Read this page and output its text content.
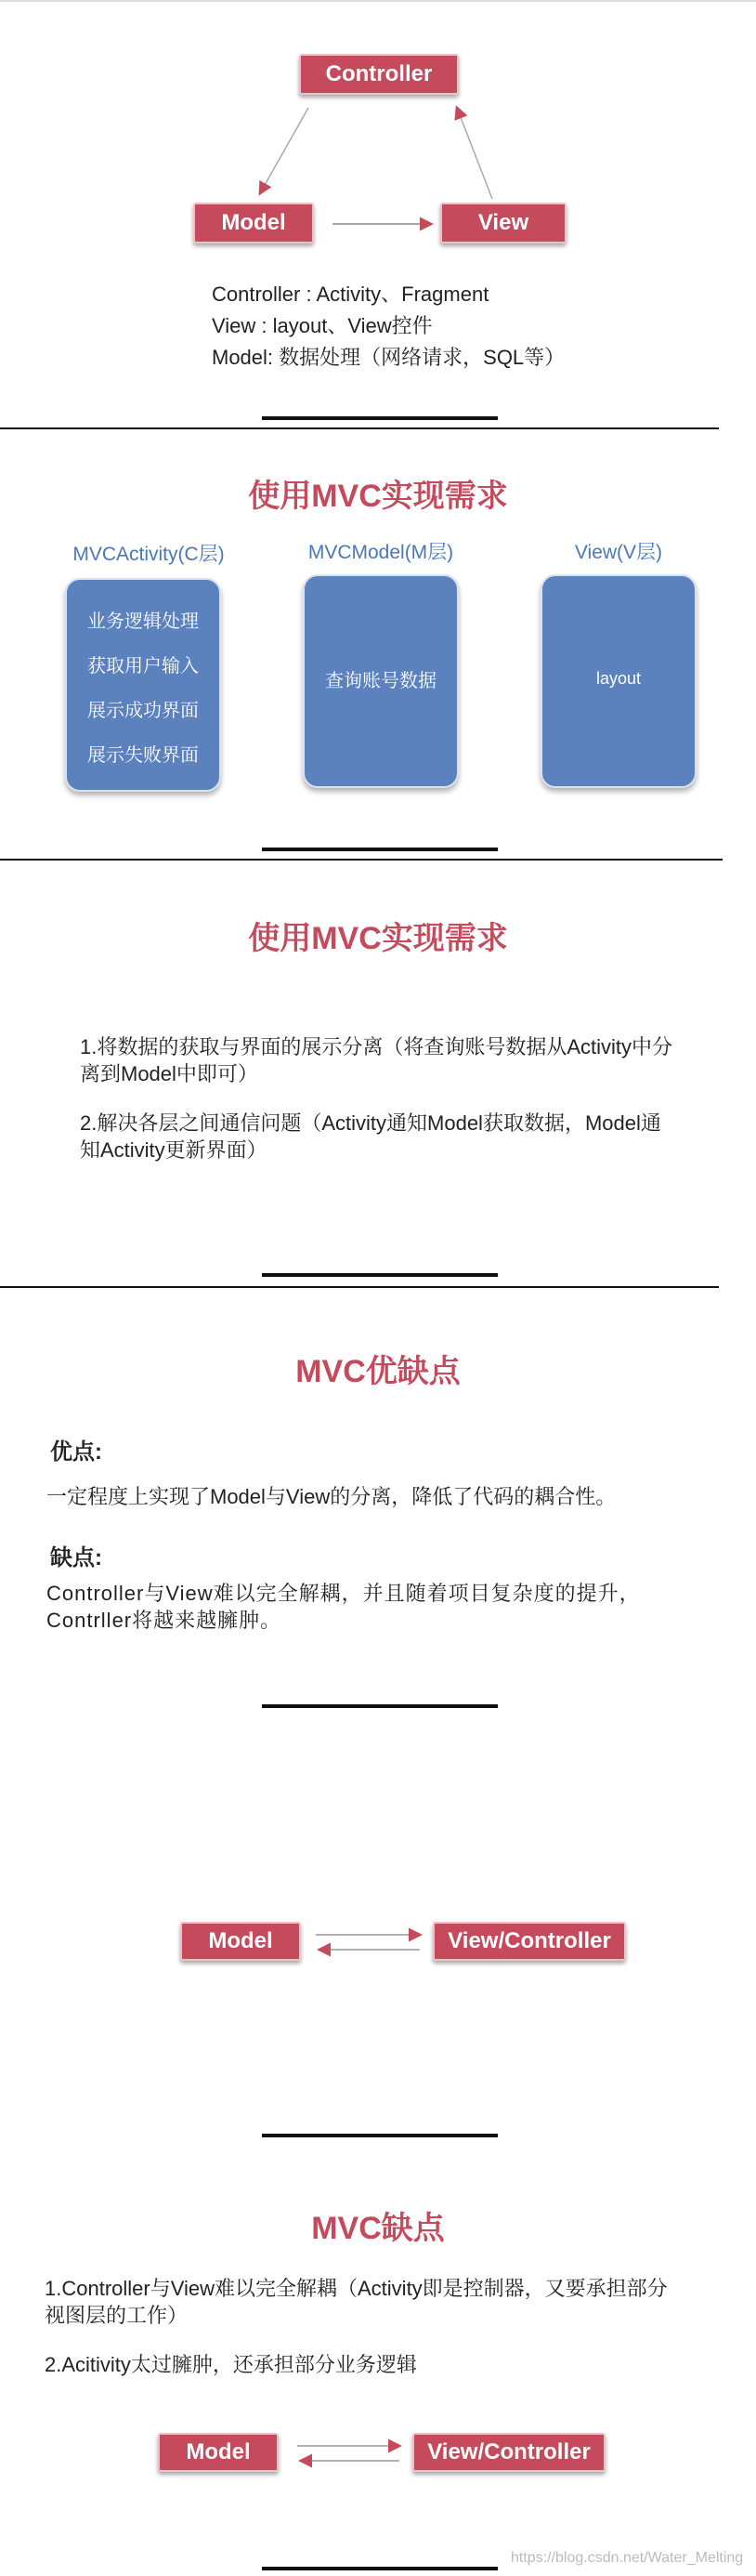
Controller
Model	View
Controller : Activity、Fragment
View : layout、View控件
Model: 数据处理（网络请求，SQL等）
使用MVC实现需求
MVCActivity(C层)	MVCModel(M层)	View(V层)
业务逻辑处理
获取用户输入
展示成功界面
展示失败界面
查询账号数据	layout
使用MVC实现需求
1.将数据的获取与界面的展示分离（将查询账号数据从Activity中分
离到Model中即可）
2.解决各层之间通信问题（Activity通知Model获取数据，Model通
知Activity更新界面）
MVC优缺点
优点:
一定程度上实现了Model与View的分离，降低了代码的耦合性。
缺点:
Controller与View难以完全解耦，并且随着项目复杂度的提升，
Contrller将越来越臃肿。
Model	View/Controller
MVC缺点
1.Controller与View难以完全解耦（Activity即是控制器，又要承担部分
视图层的工作）
2.Acitivity太过臃肿，还承担部分业务逻辑
Model	View/Controller
https://blog.csdn.net/Water_Melting
